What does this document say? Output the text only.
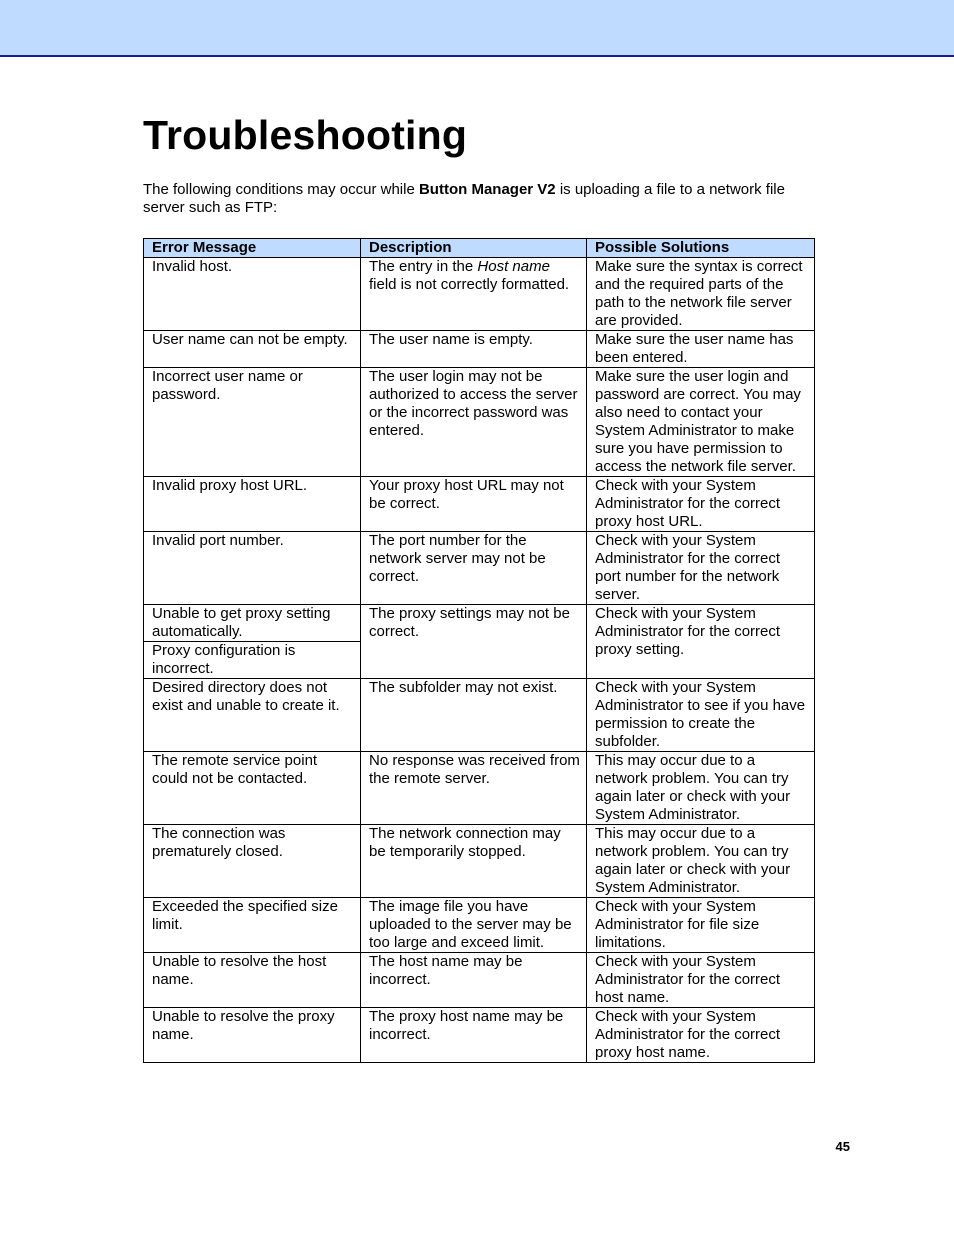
Troubleshooting

The following conditions may occur while Button Manager V2 is uploading a file to a network file server such as FTP:

Error Message	Description	Possible Solutions
Invalid host.	The entry in the Host name field is not correctly formatted.	Make sure the syntax is correct and the required parts of the path to the network file server are provided.
User name can not be empty.	The user name is empty.	Make sure the user name has been entered.
Incorrect user name or password.	The user login may not be authorized to access the server or the incorrect password was entered.	Make sure the user login and password are correct. You may also need to contact your System Administrator to make sure you have permission to access the network file server.
Invalid proxy host URL.	Your proxy host URL may not be correct.	Check with your System Administrator for the correct proxy host URL.
Invalid port number.	The port number for the network server may not be correct.	Check with your System Administrator for the correct port number for the network server.
Unable to get proxy setting automatically.	The proxy settings may not be correct.	Check with your System Administrator for the correct proxy setting.
Proxy configuration is incorrect.		
Desired directory does not exist and unable to create it.	The subfolder may not exist.	Check with your System Administrator to see if you have permission to create the subfolder.
The remote service point could not be contacted.	No response was received from the remote server.	This may occur due to a network problem. You can try again later or check with your System Administrator.
The connection was prematurely closed.	The network connection may be temporarily stopped.	This may occur due to a network problem. You can try again later or check with your System Administrator.
Exceeded the specified size limit.	The image file you have uploaded to the server may be too large and exceed limit.	Check with your System Administrator for file size limitations.
Unable to resolve the host name.	The host name may be incorrect.	Check with your System Administrator for the correct host name.
Unable to resolve the proxy name.	The proxy host name may be incorrect.	Check with your System Administrator for the correct proxy host name.
45
